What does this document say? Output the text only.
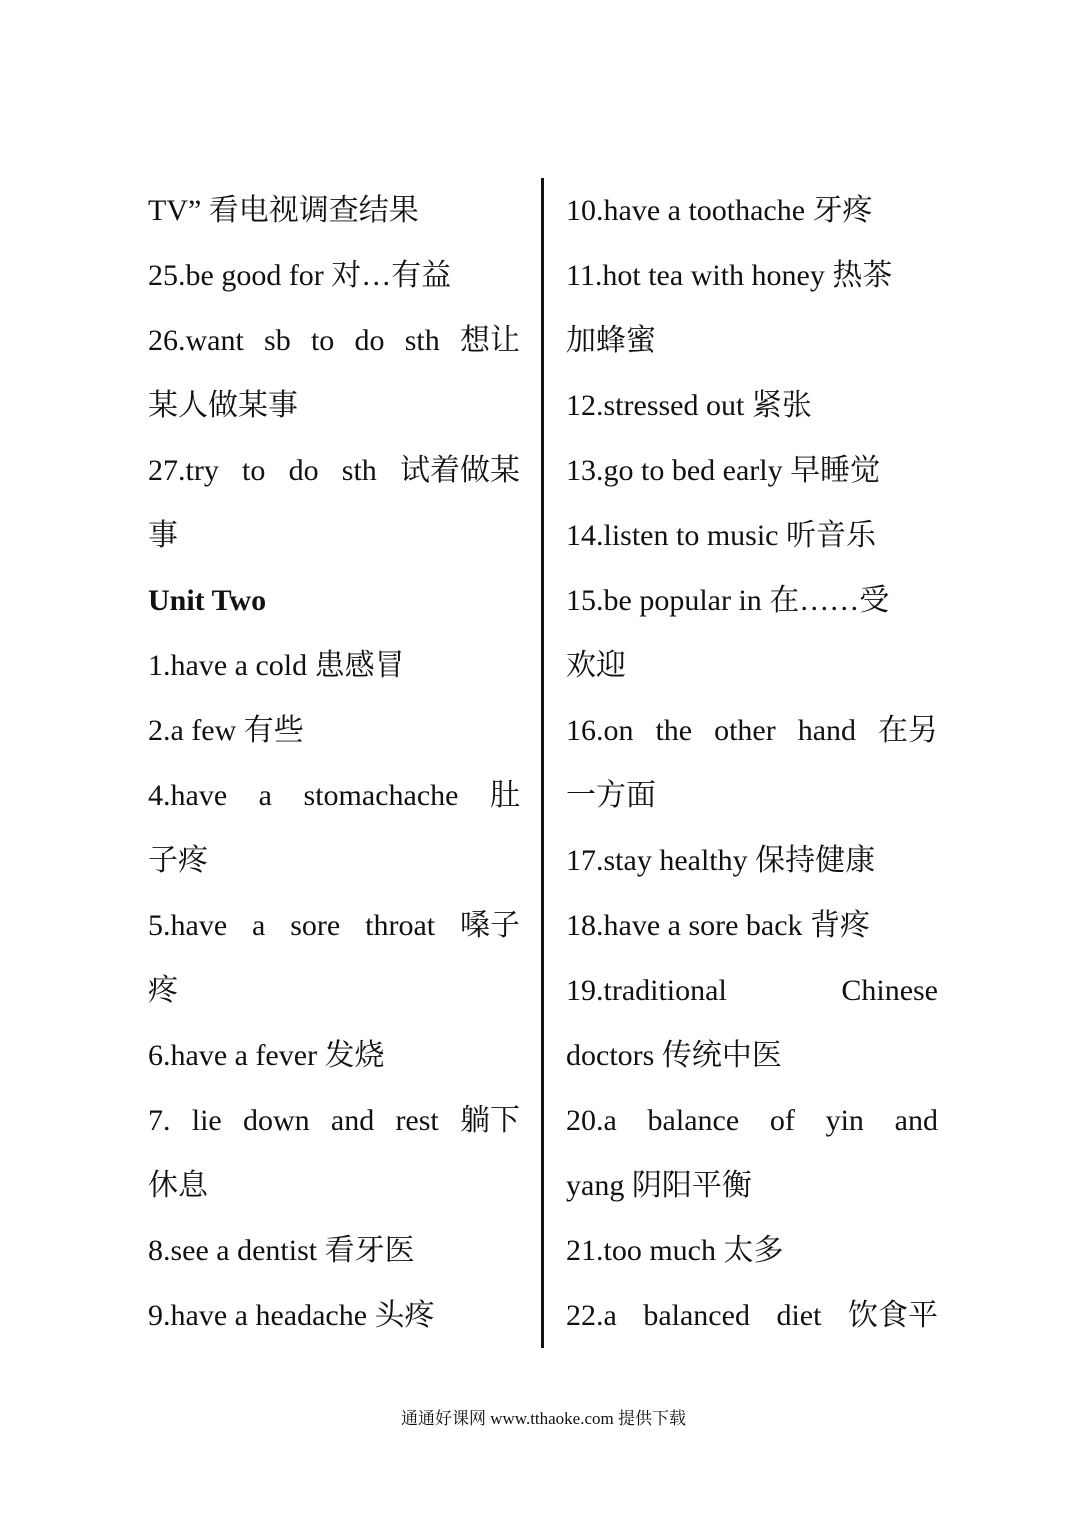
TV” 看电视调查结果
25.be good for 对…有益
26.want sb to do sth 想让
某人做某事
27.try to do sth 试着做某
事
Unit Two
1.have a cold 患感冒
2.a few 有些
4.have a stomachache 肚
子疼
5.have a sore throat 嗓子
疼
6.have a fever 发烧
7. lie down and rest 躺下
休息
8.see a dentist 看牙医
9.have a headache 头疼
10.have a toothache 牙疼
11.hot tea with honey 热茶
加蜂蜜
12.stressed out 紧张
13.go to bed early 早睡觉
14.listen to music 听音乐
15.be popular in 在……受
欢迎
16.on the other hand 在另
一方面
17.stay healthy 保持健康
18.have a sore back 背疼
19.traditional	Chinese
doctors 传统中医
20.a balance of yin and
yang 阴阳平衡
21.too much 太多
22.a balanced diet 饮食平
通通好课网 www.tthaoke.com 提供下载
